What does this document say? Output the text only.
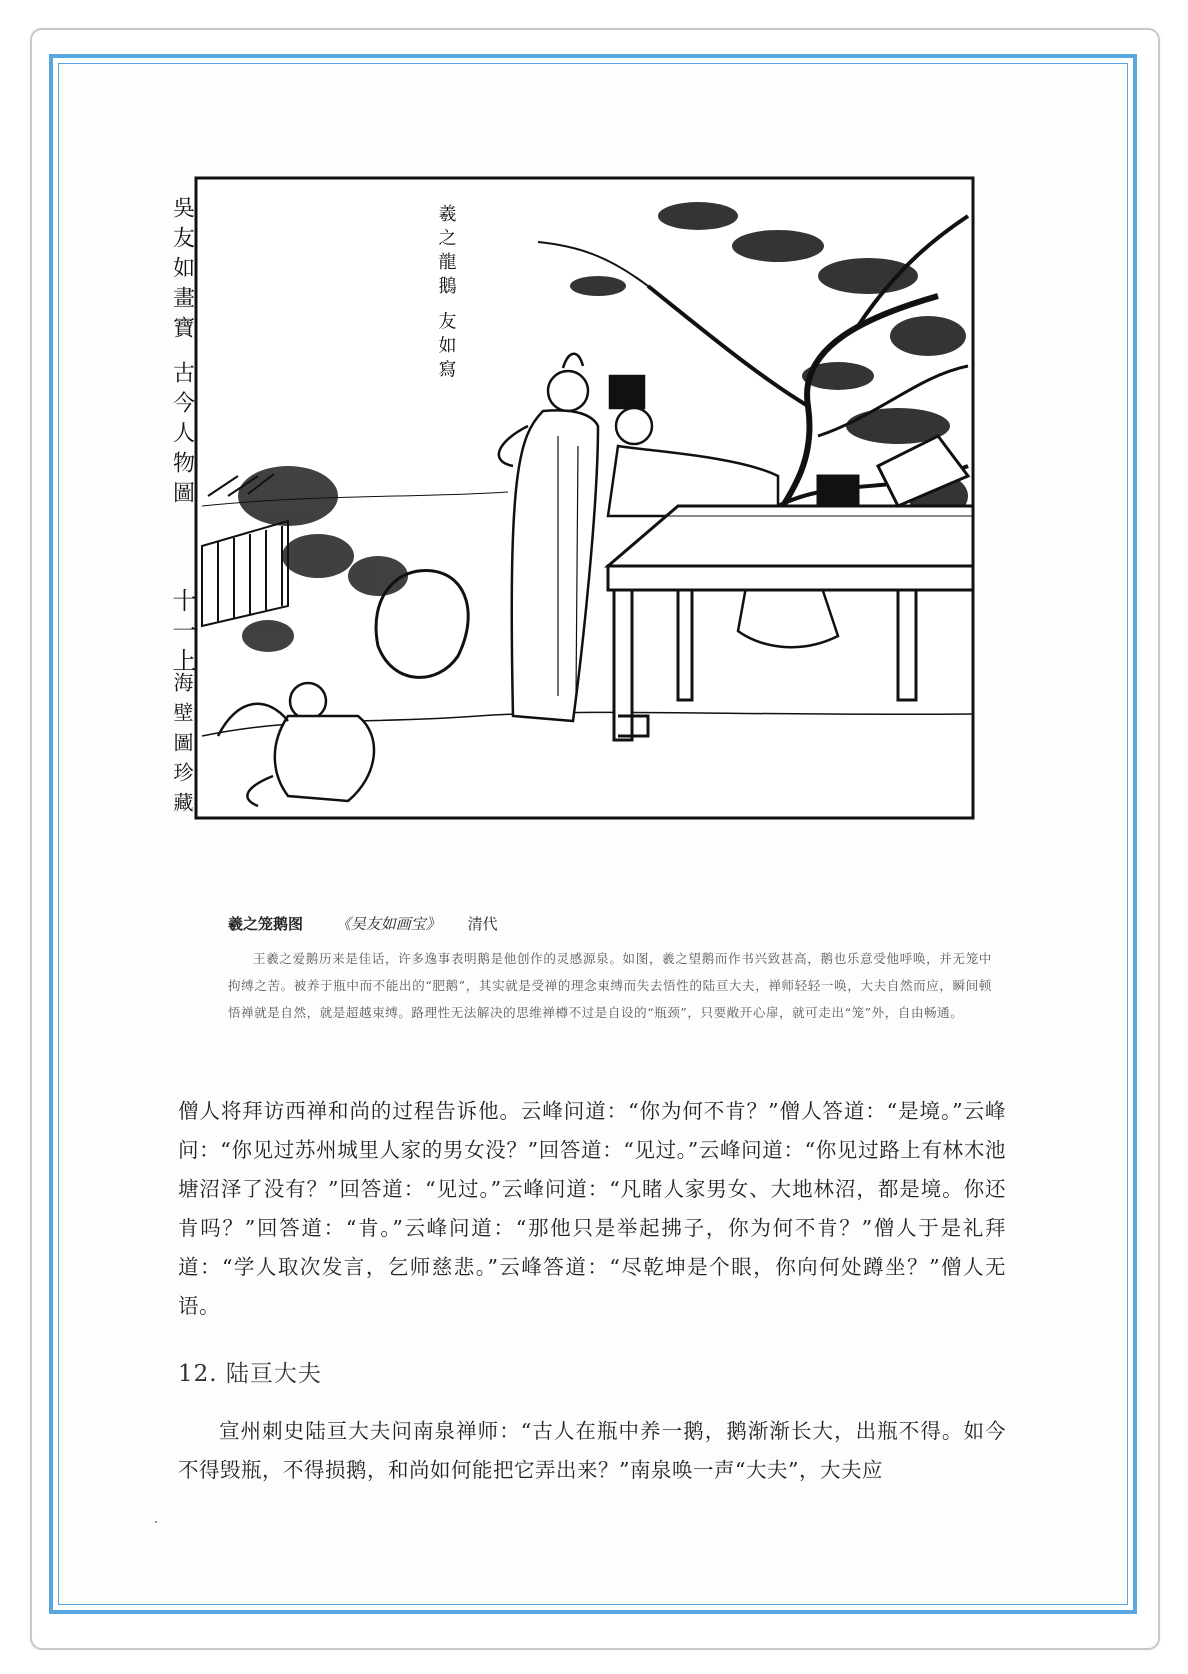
吳友如畫寶 古今人物圖
十一上
海壁圖珍藏
羲之龍鵝 友如寫
羲之笼鹅图 《吴友如画宝》 清代
王羲之爱鹅历来是佳话，许多逸事表明鹅是他创作的灵感源泉。如图，羲之望鹅而作书兴致甚高，鹅也乐意受他呼唤，并无笼中拘缚之苦。被养于瓶中而不能出的“肥鹅”，其实就是受禅的理念束缚而失去悟性的陆亘大夫，禅师轻轻一唤，大夫自然而应，瞬间顿悟禅就是自然，就是超越束缚。路理性无法解决的思维禅樽不过是自设的“瓶颈”，只要敞开心扉，就可走出“笼”外，自由畅通。
僧人将拜访西禅和尚的过程告诉他。云峰问道：“你为何不肯？”僧人答道：“是境。”云峰问：“你见过苏州城里人家的男女没？”回答道：“见过。”云峰问道：“你见过路上有林木池塘沼泽了没有？”回答道：“见过。”云峰问道：“凡睹人家男女、大地林沼，都是境。你还肯吗？”回答道：“肯。”云峰问道：“那他只是举起拂子，你为何不肯？”僧人于是礼拜道：“学人取次发言，乞师慈悲。”云峰答道：“尽乾坤是个眼，你向何处蹲坐？”僧人无语。
12. 陆亘大夫
宣州刺史陆亘大夫问南泉禅师：“古人在瓶中养一鹅，鹅渐渐长大，出瓶不得。如今不得毁瓶，不得损鹅，和尚如何能把它弄出来？”南泉唤一声“大夫”，大夫应
